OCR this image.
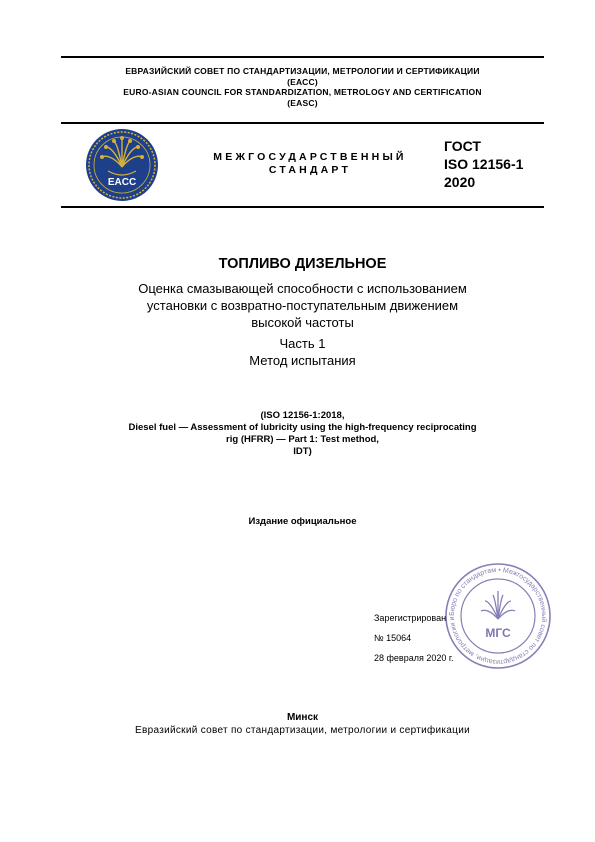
ЕВРАЗИЙСКИЙ СОВЕТ ПО СТАНДАРТИЗАЦИИ, МЕТРОЛОГИИ И СЕРТИФИКАЦИИ
(ЕАСС)
EURO-ASIAN COUNCIL FOR STANDARDIZATION, METROLOGY AND CERTIFICATION
(EASC)
EACC
МЕЖГОСУДАРСТВЕННЫЙ
СТАНДАРТ
ГОСТ
ISO 12156-1
2020
ТОПЛИВО ДИЗЕЛЬНОЕ
Оценка смазывающей способности с использованием
установки с возвратно-поступательным движением
высокой частоты
Часть 1
Метод испытания
(ISO 12156-1:2018,
Diesel fuel — Assessment of lubricity using the high-frequency reciprocating
rig (HFRR) — Part 1: Test method,
IDT)
Издание официальное
Бюро по стандартам • Межгосударственный совет по стандартизации, метрологии и
МГС
Зарегистрирован
№ 15064
28 февраля 2020 г.
Минск
Евразийский совет по стандартизации, метрологии и сертификации
